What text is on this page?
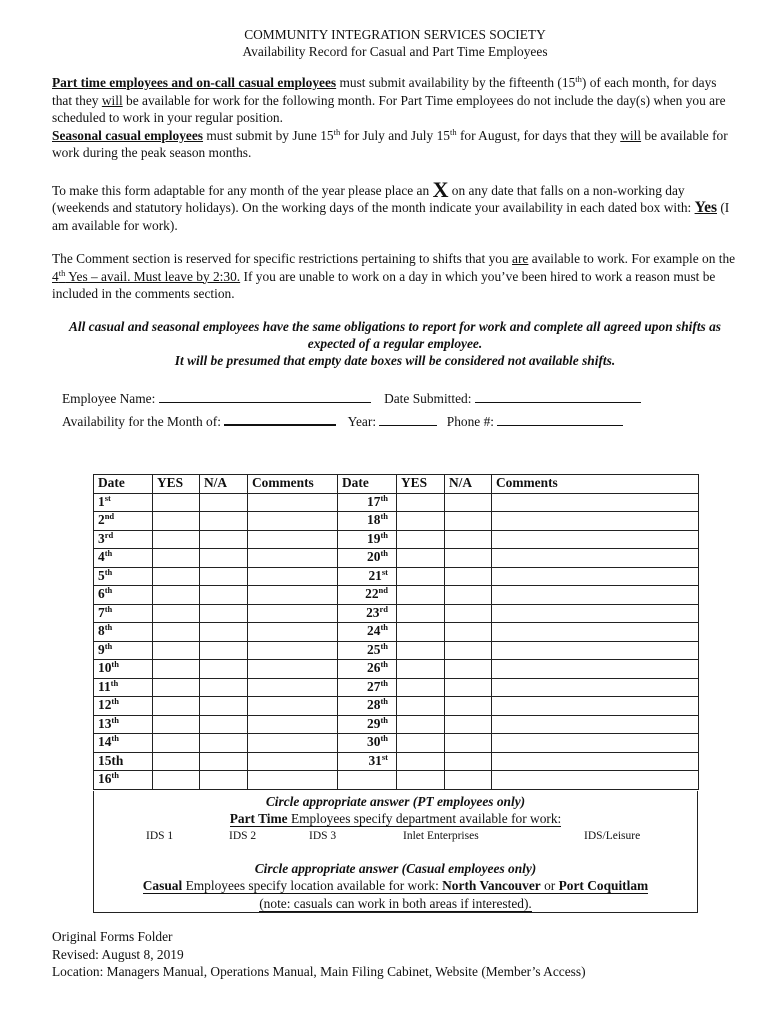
COMMUNITY INTEGRATION SERVICES SOCIETY
Availability Record for Casual and Part Time Employees

Part time employees and on-call casual employees must submit availability by the fifteenth (15th) of each month, for days that they will be available for work for the following month. For Part Time employees do not include the day(s) when you are scheduled to work in your regular position.
Seasonal casual employees must submit by June 15th for July and July 15th for August, for days that they will be available for work during the peak season months.

To make this form adaptable for any month of the year please place an X on any date that falls on a non-working day (weekends and statutory holidays). On the working days of the month indicate your availability in each dated box with: Yes (I am available for work).

The Comment section is reserved for specific restrictions pertaining to shifts that you are available to work. For example on the 4th Yes – avail. Must leave by 2:30. If you are unable to work on a day in which you’ve been hired to work a reason must be included in the comments section.

All casual and seasonal employees have the same obligations to report for work and complete all agreed upon shifts as expected of a regular employee.
It will be presumed that empty date boxes will be considered not available shifts.
Employee Name:	Date Submitted:
Availability for the Month of:	Year:	Phone #:
Date	YES	N/A	Comments	Date	YES	N/A	Comments
1st				17th			
2nd				18th			
3rd				19th			
4th				20th			
5th				21st			
6th				22nd			
7th				23rd			
8th				24th			
9th				25th			
10th				26th			
11th				27th			
12th				28th			
13th				29th			
14th				30th			
15th				31st			
16th							
Circle appropriate answer (PT employees only)
Part Time Employees specify department available for work:
IDS 1	IDS 2	IDS 3	Inlet Enterprises	IDS/Leisure
Circle appropriate answer (Casual employees only)
Casual Employees specify location available for work: North Vancouver or Port Coquitlam
(note: casuals can work in both areas if interested).
Original Forms Folder
Revised: August 8, 2019
Location: Managers Manual, Operations Manual, Main Filing Cabinet, Website (Member’s Access)
